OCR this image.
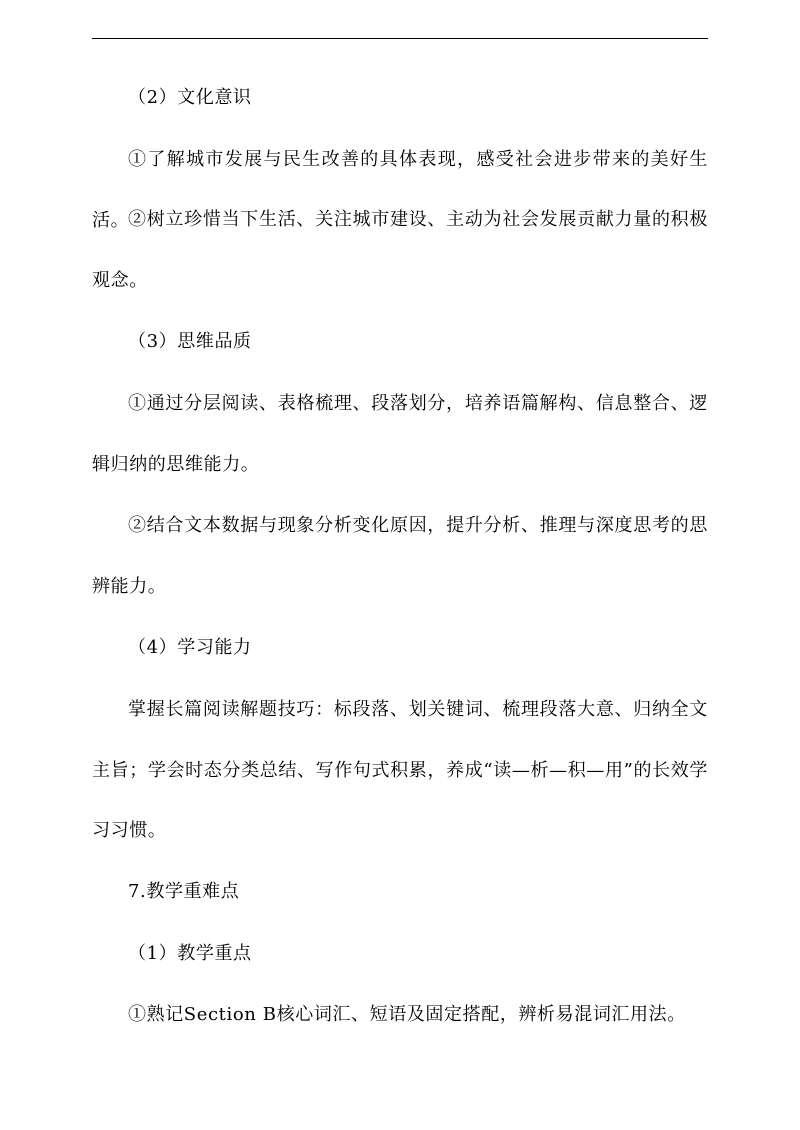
（2）文化意识

①了解城市发展与民生改善的具体表现，感受社会进步带来的美好生活。

②树立珍惜当下生活、关注城市建设、主动为社会发展贡献力量的积极观念。

（3）思维品质

①通过分层阅读、表格梳理、段落划分，培养语篇解构、信息整合、逻辑归纳的思维能力。

②结合文本数据与现象分析变化原因，提升分析、推理与深度思考的思辨能力。

（4）学习能力

掌握长篇阅读解题技巧：标段落、划关键词、梳理段落大意、归纳全文主旨；学会时态分类总结、写作句式积累，养成“读—析—积—用”的长效学习习惯。

7.教学重难点

（1）教学重点

①熟记Section B核心词汇、短语及固定搭配，辨析易混词汇用法。
